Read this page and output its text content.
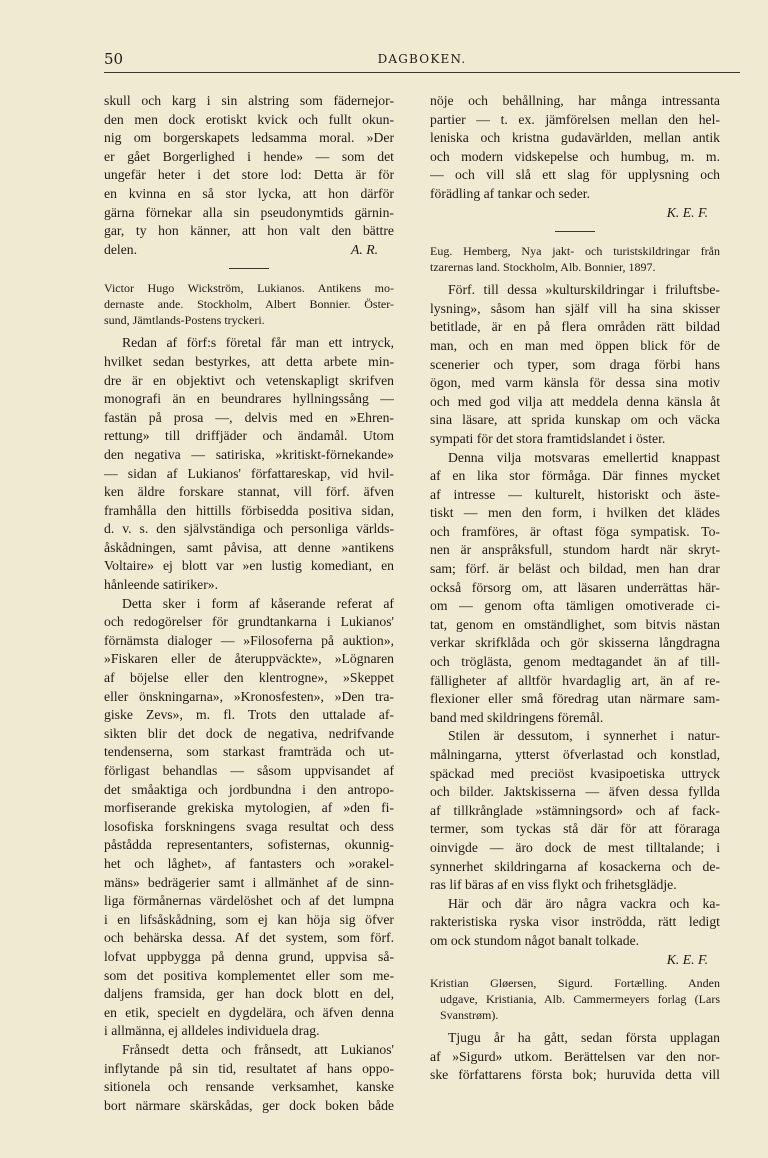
50	DAGBOKEN.
skull och karg i sin alstring som fädernejor-
den men dock erotiskt kvick och fullt okun-
nig om borgerskapets ledsamma moral. »Der
er gået Borgerlighed i hende» — som det
ungefär heter i det store lod: Detta är för
en kvinna en så stor lycka, att hon därför
gärna förnekar alla sin pseudonymtids gärnin-
gar, ty hon känner, att hon valt den bättre
delen.	A. R.
Victor Hugo Wickström, Lukianos. Antikens mo-
dernaste ande. Stockholm, Albert Bonnier. Öster-
sund, Jämtlands-Postens tryckeri.
Redan af förf:s företal får man ett intryck,
hvilket sedan bestyrkes, att detta arbete min-
dre är en objektivt och vetenskapligt skrifven
monografi än en beundrares hyllningssång —
fastän på prosa —, delvis med en »Ehren-
rettung» till driffjäder och ändamål. Utom
den negativa — satiriska, »kritiskt-förnekande»
— sidan af Lukianos' författareskap, vid hvil-
ken äldre forskare stannat, vill förf. äfven
framhålla den hittills förbisedda positiva sidan,
d. v. s. den självständiga och personliga världs-
åskådningen, samt påvisa, att denne »antikens
Voltaire» ej blott var »en lustig komediant, en
hånleende satiriker».
Detta sker i form af kåserande referat af
och redogörelser för grundtankarna i Lukianos'
förnämsta dialoger — »Filosoferna på auktion»,
»Fiskaren eller de återuppväckte», »Lögnaren
af böjelse eller den klentrogne», »Skeppet
eller önskningarna», »Kronosfesten», »Den tra-
giske Zevs», m. fl. Trots den uttalade af-
sikten blir det dock de negativa, nedrifvande
tendenserna, som starkast framträda och ut-
förligast behandlas — såsom uppvisandet af
det småaktiga och jordbundna i den antropo-
morfiserande grekiska mytologien, af »den fi-
losofiska forskningens svaga resultat och dess
påstådda representanters, sofisternas, okunnig-
het och låghet», af fantasters och »orakel-
mäns» bedrägerier samt i allmänhet af de sinn-
liga förmånernas värdelöshet och af det lumpna
i en lifsåskådning, som ej kan höja sig öfver
och behärska dessa. Af det system, som förf.
lofvat uppbygga på denna grund, uppvisa så-
som det positiva komplementet eller som me-
daljens framsida, ger han dock blott en del,
en etik, specielt en dygdelära, och äfven denna
i allmänna, ej alldeles individuela drag.
Frånsedt detta och frånsedt, att Lukianos'
inflytande på sin tid, resultatet af hans oppo-
sitionela och rensande verksamhet, kanske
bort närmare skärskådas, ger dock boken både
nöje och behållning, har många intressanta
partier — t. ex. jämförelsen mellan den hel-
leniska och kristna gudavärlden, mellan antik
och modern vidskepelse och humbug, m. m.
— och vill slå ett slag för upplysning och
förädling af tankar och seder.
K. E. F.
Eug. Hemberg, Nya jakt- och turistskildringar från
tzarernas land. Stockholm, Alb. Bonnier, 1897.
Förf. till dessa »kulturskildringar i friluftsbe-
lysning», såsom han själf vill ha sina skisser
betitlade, är en på flera områden rätt bildad
man, och en man med öppen blick för de
scenerier och typer, som draga förbi hans
ögon, med varm känsla för dessa sina motiv
och med god vilja att meddela denna känsla åt
sina läsare, att sprida kunskap om och väcka
sympati för det stora framtidslandet i öster.
Denna vilja motsvaras emellertid knappast
af en lika stor förmåga. Där finnes mycket
af intresse — kulturelt, historiskt och äste-
tiskt — men den form, i hvilken det klädes
och framföres, är oftast föga sympatisk. To-
nen är anspråksfull, stundom hardt när skryt-
sam; förf. är beläst och bildad, men han drar
också försorg om, att läsaren underrättas här-
om — genom ofta tämligen omotiverade ci-
tat, genom en omständlighet, som bitvis nästan
verkar skrifklåda och gör skisserna långdragna
och tröglästa, genom medtagandet än af till-
fälligheter af alltför hvardaglig art, än af re-
flexioner eller små föredrag utan närmare sam-
band med skildringens föremål.
Stilen är dessutom, i synnerhet i natur-
målningarna, ytterst öfverlastad och konstlad,
späckad med preciöst kvasipoetiska uttryck
och bilder. Jaktskisserna — äfven dessa fyllda
af tillkrånglade »stämningsord» och af fack-
termer, som tyckas stå där för att föraraga
oinvigde — äro dock de mest tilltalande; i
synnerhet skildringarna af kosackerna och de-
ras lif bäras af en viss flykt och frihetsglädje.
Här och där äro några vackra och ka-
rakteristiska ryska visor inströdda, rätt ledigt
om ock stundom något banalt tolkade.
K. E. F.
Kristian Gløersen, Sigurd. Fortælling. Anden
udgave, Kristiania, Alb. Cammermeyers forlag (Lars
Svanstrøm).
Tjugu år ha gått, sedan första upplagan
af »Sigurd» utkom. Berättelsen var den nor-
ske författarens första bok; huruvida detta vill
